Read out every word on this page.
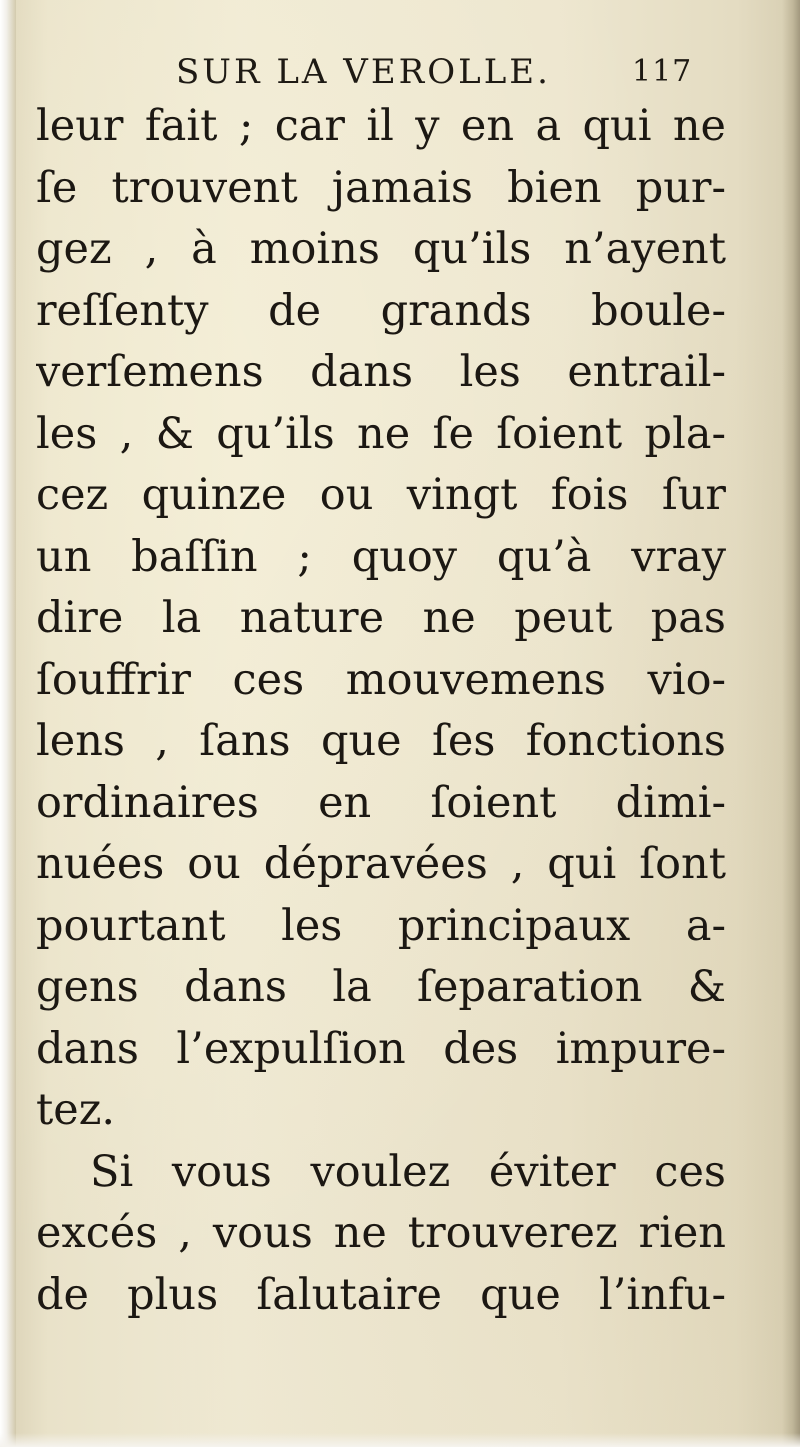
SUR LA VEROLLE.	117
leur fait ; car il y en a qui ne
ſe trouvent jamais bien pur-
gez , à moins qu’ils n’ayent
reſſenty de grands boule-
verſemens dans les entrail-
les , & qu’ils ne ſe ſoient pla-
cez quinze ou vingt fois ſur
un baſſin ; quoy qu’à vray
dire la nature ne peut pas
ſouffrir ces mouvemens vio-
lens , ſans que ſes fonctions
ordinaires en ſoient dimi-
nuées ou dépravées , qui ſont
pourtant les principaux a-
gens dans la ſeparation &
dans l’expulſion des impure-
tez.
Si vous voulez éviter ces
excés , vous ne trouverez rien
de plus ſalutaire que l’infu-
